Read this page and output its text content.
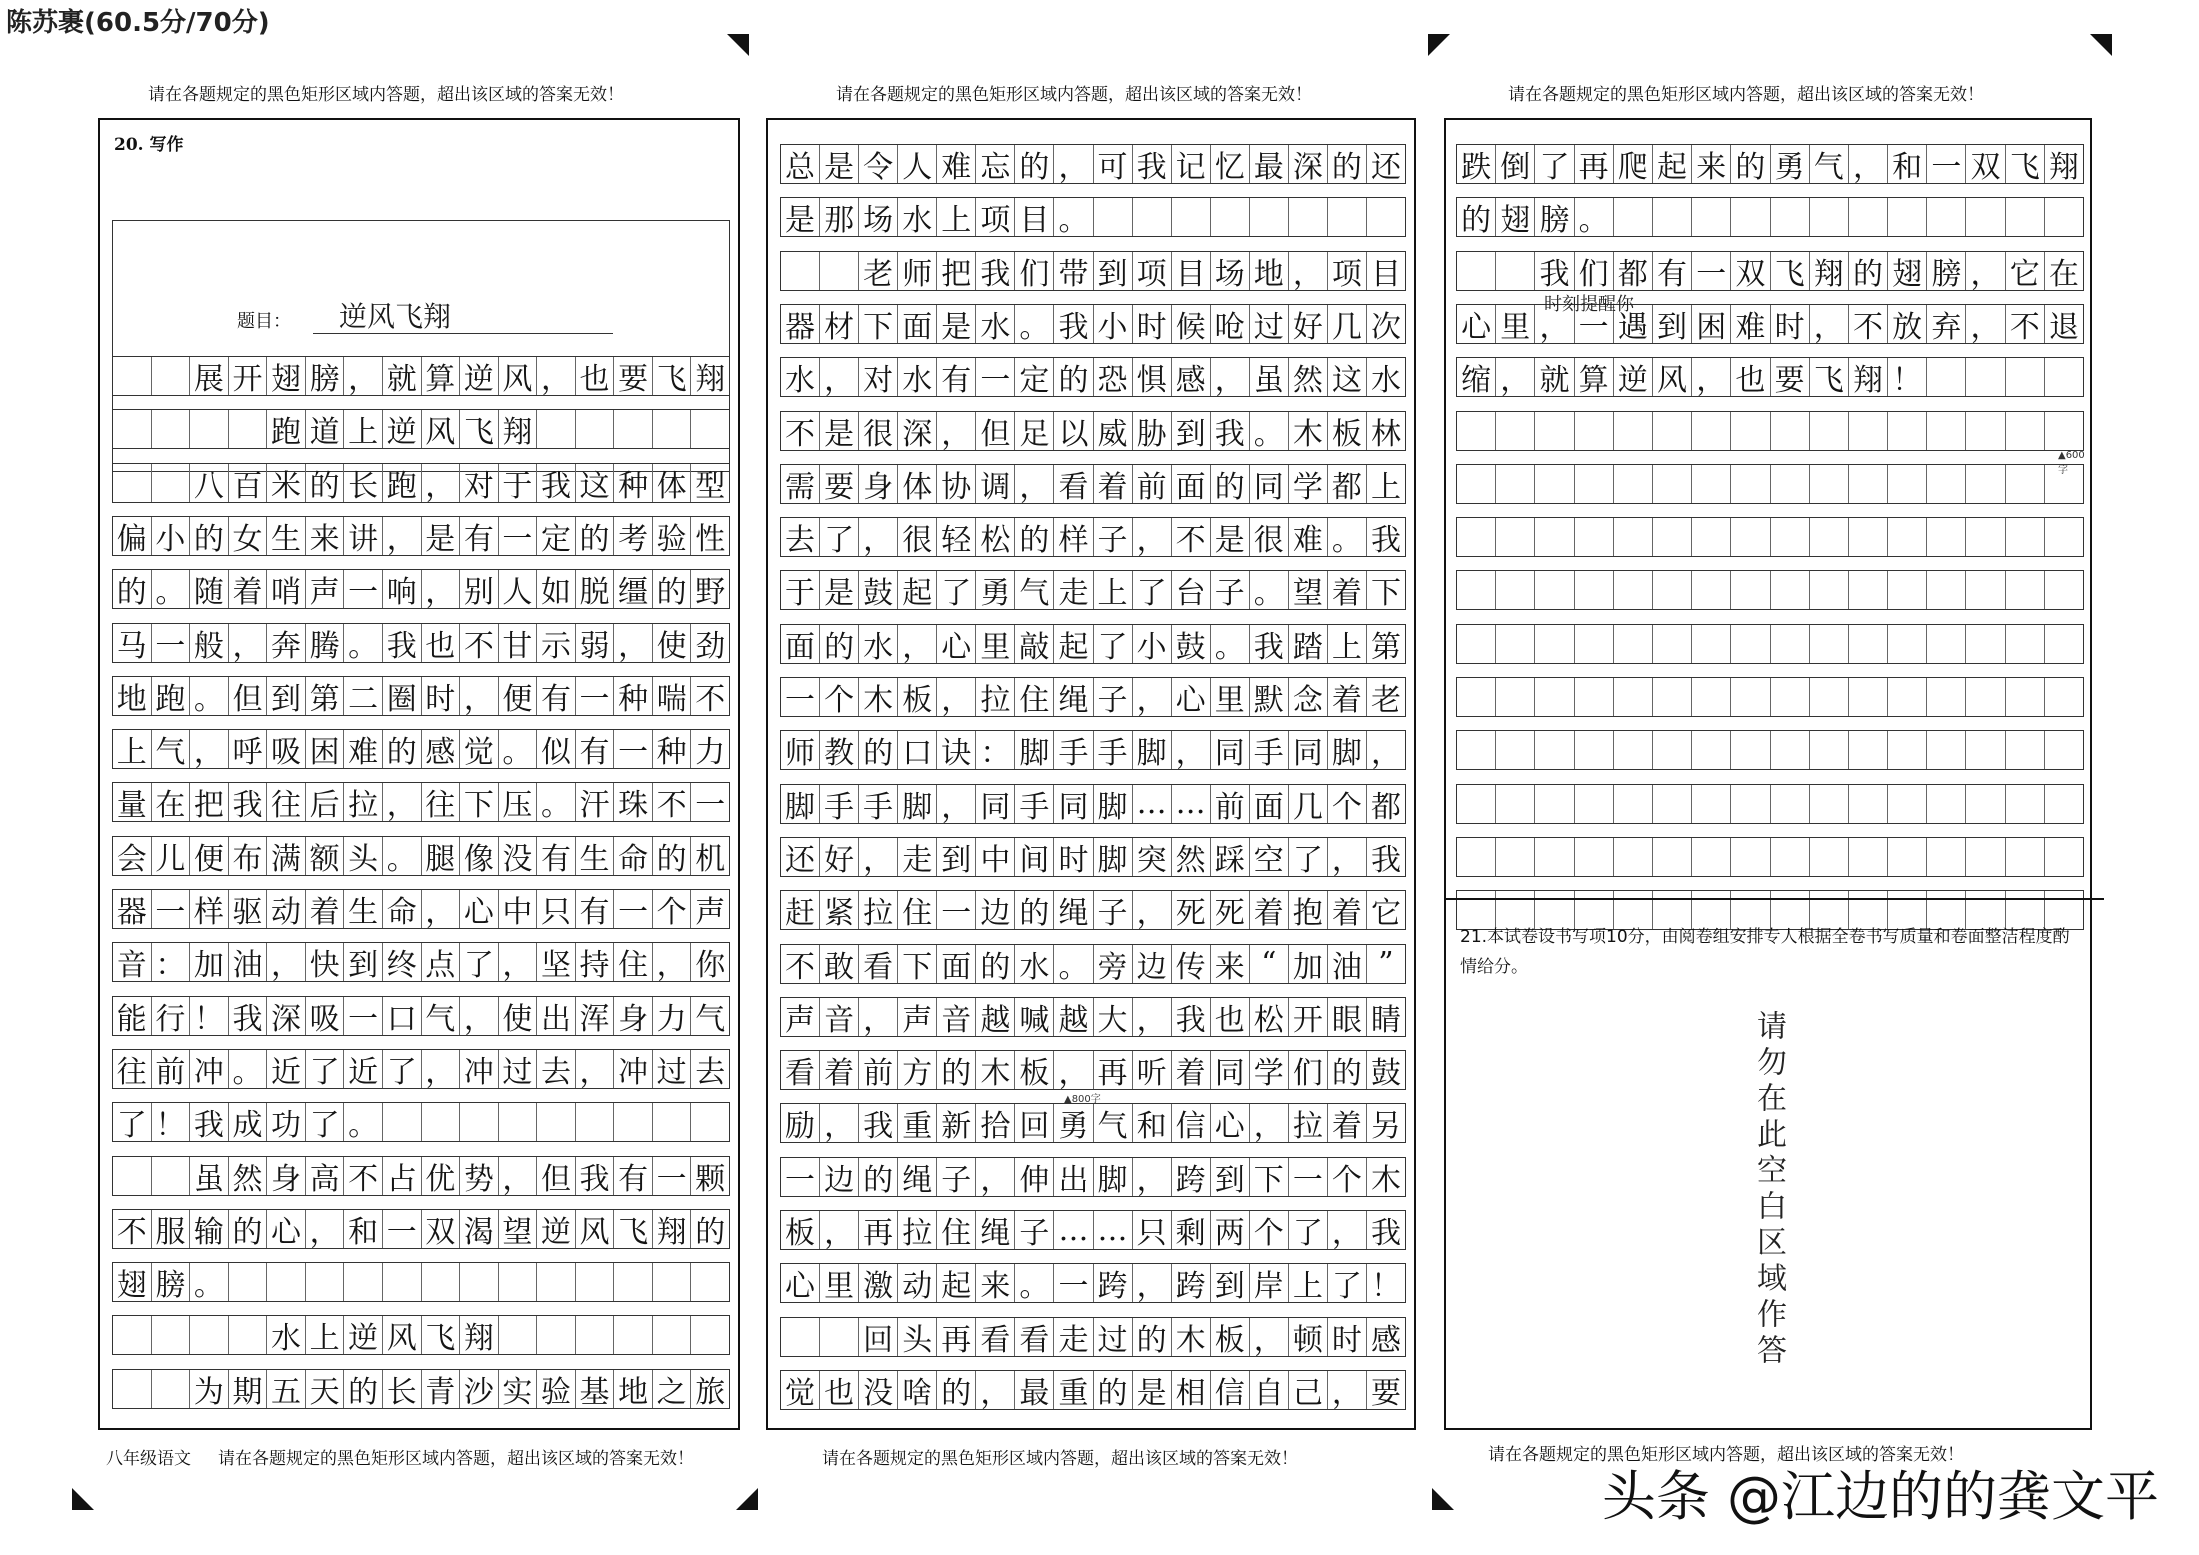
陈苏裹(60.5分/70分)
请在各题规定的黑色矩形区域内答题，超出该区域的答案无效！	请在各题规定的黑色矩形区域内答题，超出该区域的答案无效！	请在各题规定的黑色矩形区域内答题，超出该区域的答案无效！
八年级语文 请在各题规定的黑色矩形区域内答题，超出该区域的答案无效！	请在各题规定的黑色矩形区域内答题，超出该区域的答案无效！	请在各题规定的黑色矩形区域内答题，超出该区域的答案无效！
20. 写作
题目： 逆风飞翔
展 开 翅 膀 ， 就 算 逆 风 ， 也 要 飞 翔
跑 道 上 逆 风 飞 翔
八 百 米 的 长 跑 ， 对 于 我 这 种 体 型
偏 小 的 女 生 来 讲 ， 是 有 一 定 的 考 验 性
的 。 随 着 哨 声 一 响 ， 别 人 如 脱 缰 的 野
马 一 般 ， 奔 腾 。 我 也 不 甘 示 弱 ， 使 劲
地 跑 。 但 到 第 二 圈 时 ， 便 有 一 种 喘 不
上 气 ， 呼 吸 困 难 的 感 觉 。 似 有 一 种 力
量 在 把 我 往 后 拉 ， 往 下 压 。 汗 珠 不 一
会 儿 便 布 满 额 头 。 腿 像 没 有 生 命 的 机
器 一 样 驱 动 着 生 命 ， 心 中 只 有 一 个 声
音 ： 加 油 ， 快 到 终 点 了 ， 坚 持 住 ， 你
能 行 ！ 我 深 吸 一 口 气 ， 使 出 浑 身 力 气
往 前 冲 。 近 了 近 了 ， 冲 过 去 ， 冲 过 去
了 ！ 我 成 功 了 。
虽 然 身 高 不 占 优 势 ， 但 我 有 一 颗
不 服 输 的 心 ， 和 一 双 渴 望 逆 风 飞 翔 的
翅 膀 。
水 上 逆 风 飞 翔
为 期 五 天 的 长 青 沙 实 验 基 地 之 旅
总 是 令 人 难 忘 的 ， 可 我 记 忆 最 深 的 还
是 那 场 水 上 项 目 。
老 师 把 我 们 带 到 项 目 场 地 ， 项 目
器 材 下 面 是 水 。 我 小 时 候 呛 过 好 几 次
水 ， 对 水 有 一 定 的 恐 惧 感 ， 虽 然 这 水
不 是 很 深 ， 但 足 以 威 胁 到 我 。 木 板 林
需 要 身 体 协 调 ， 看 着 前 面 的 同 学 都 上
去 了 ， 很 轻 松 的 样 子 ， 不 是 很 难 。 我
于 是 鼓 起 了 勇 气 走 上 了 台 子 。 望 着 下
面 的 水 ， 心 里 敲 起 了 小 鼓 。 我 踏 上 第
一 个 木 板 ， 拉 住 绳 子 ， 心 里 默 念 着 老
师 教 的 口 诀 ： 脚 手 手 脚 ， 同 手 同 脚 ，
脚 手 手 脚 ， 同 手 同 脚 … … 前 面 几 个 都
还 好 ， 走 到 中 间 时 脚 突 然 踩 空 了 ， 我
赶 紧 拉 住 一 边 的 绳 子 ， 死 死 着 抱 着 它
不 敢 看 下 面 的 水 。 旁 边 传 来 “ 加 油 ”
声 音 ， 声 音 越 喊 越 大 ， 我 也 松 开 眼 睛
看 着 前 方 的 木 板 ， 再 听 着 同 学 们 的 鼓
励 ， 我 重 新 拾 回 勇 气 和 信 心 ， 拉 着 另
一 边 的 绳 子 ， 伸 出 脚 ， 跨 到 下 一 个 木
板 ， 再 拉 住 绳 子 … … 只 剩 两 个 了 ， 我
心 里 激 动 起 来 。 一 跨 ， 跨 到 岸 上 了 ！
回 头 再 看 看 走 过 的 木 板 ， 顿 时 感
觉 也 没 啥 的 ， 最 重 的 是 相 信 自 己 ， 要
▲800字
跌 倒 了 再 爬 起 来 的 勇 气 ， 和 一 双 飞 翔
的 翅 膀 。
我 们 都 有 一 双 飞 翔 的 翅 膀 ， 它 在
心 里 ， 一 遇 到 困 难 时 ， 不 放 弃 ， 不 退
缩 ， 就 算 逆 风 ， 也 要 飞 翔 ！
时刻提醒你
▲600字
21.本试卷设书写项10分，由阅卷组安排专人根据全卷书写质量和卷面整洁程度酌情给分。
请勿在此空白区域作答
头条 @江边的的龚文平
